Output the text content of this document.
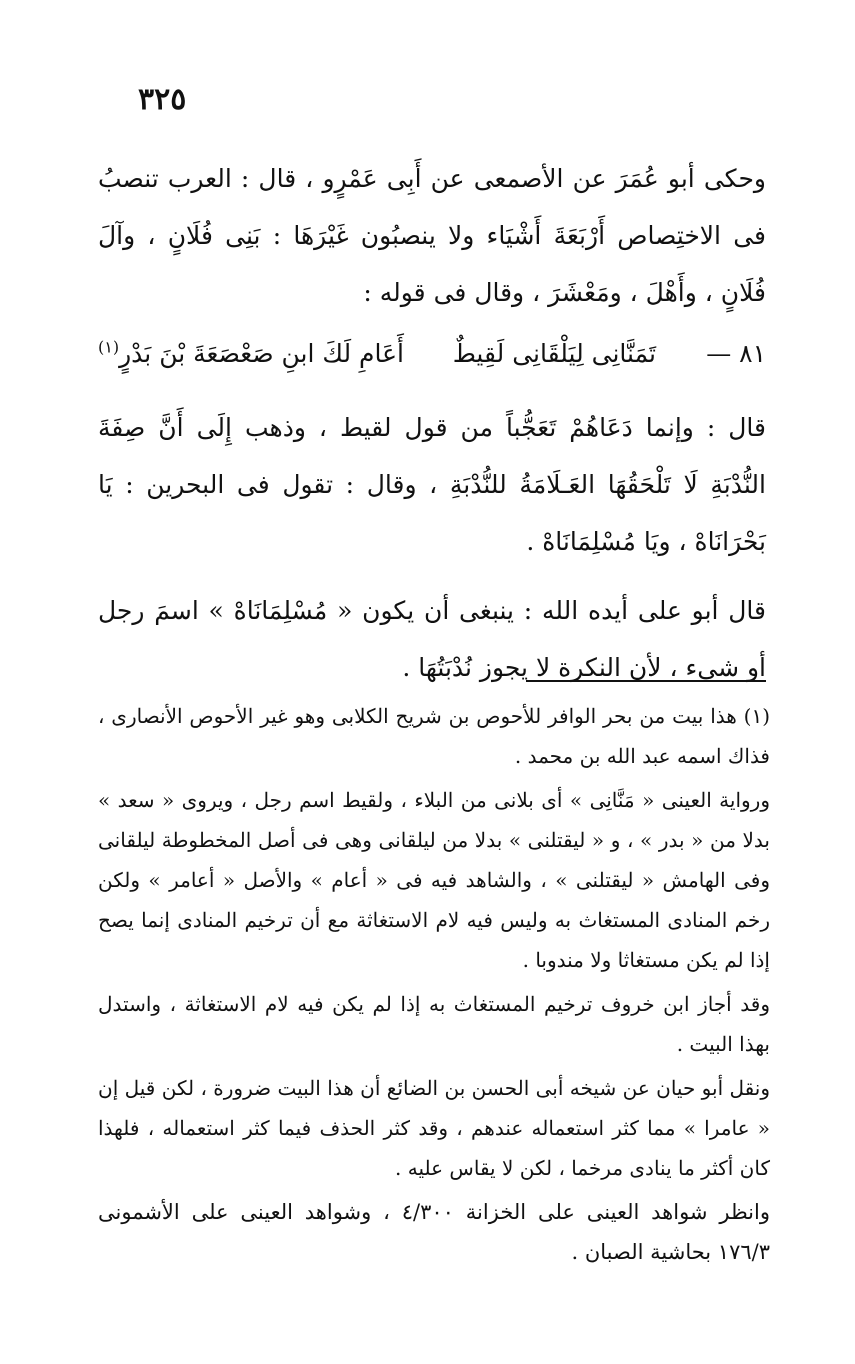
٣٢٥

وحكى أبو عُمَرَ عن الأصمعى عن أَبِى عَمْرٍو ، قال : العرب تنصبُ فى الاختِصاص أَرْبَعَةَ أَشْيَاء ولا ينصبُون غَيْرَهَا : بَنِى فُلَانٍ ، وآلَ فُلَانٍ ، وأَهْلَ ، ومَعْشَرَ ، وقال فى قوله :

٨١ —
تَمَنَّانِى لِيَلْقَانِى لَقِيطٌ
أَعَامِ لَكَ ابنِ صَعْصَعَةَ بْنَ بَدْرٍ$^{(١)}$

قال : وإنما دَعَاهُمْ تَعَجُّباً من قول لقيط ، وذهب إِلَى أَنَّ صِفَةَ النُّدْبَةِ لَا تَلْحَقُهَا العَـلَامَةُ للنُّدْبَةِ ، وقال : تقول فى البحرين : يَا بَحْرَانَاهْ ، ويَا مُسْلِمَانَاهْ .

قال أبو على أيده الله : ينبغى أن يكون « مُسْلِمَانَاهْ » اسمَ رجل أو شىء ، لأن النكرة لا يجوز نُدْبَتُهَا .

(١) هذا بيت من بحر الوافر للأحوص بن شريح الكلابى وهو غير الأحوص الأنصارى ، فذاك اسمه عبد الله بن محمد .

ورواية العينى « مَنَّانِى » أى بلانى من البلاء ، ولقيط اسم رجل ، ويروى « سعد » بدلا من « بدر » ، و « ليقتلنى » بدلا من ليلقانى وهى فى أصل المخطوطة ليلقانى وفى الهامش « ليقتلنى » ، والشاهد فيه فى « أعام » والأصل « أعامر » ولكن رخم المنادى المستغاث به وليس فيه لام الاستغاثة مع أن ترخيم المنادى إنما يصح إذا لم يكن مستغاثا ولا مندوبا .

وقد أجاز ابن خروف ترخيم المستغاث به إذا لم يكن فيه لام الاستغاثة ، واستدل بهذا البيت .

ونقل أبو حيان عن شيخه أبى الحسن بن الضائع أن هذا البيت ضرورة ، لكن قيل إن « عامرا » مما كثر استعماله عندهم ، وقد كثر الحذف فيما كثر استعماله ، فلهذا كان أكثر ما ينادى مرخما ، لكن لا يقاس عليه .

وانظر شواهد العينى على الخزانة ٤/٣٠٠ ، وشواهد العينى على الأشمونى ١٧٦/٣ بحاشية الصبان .
